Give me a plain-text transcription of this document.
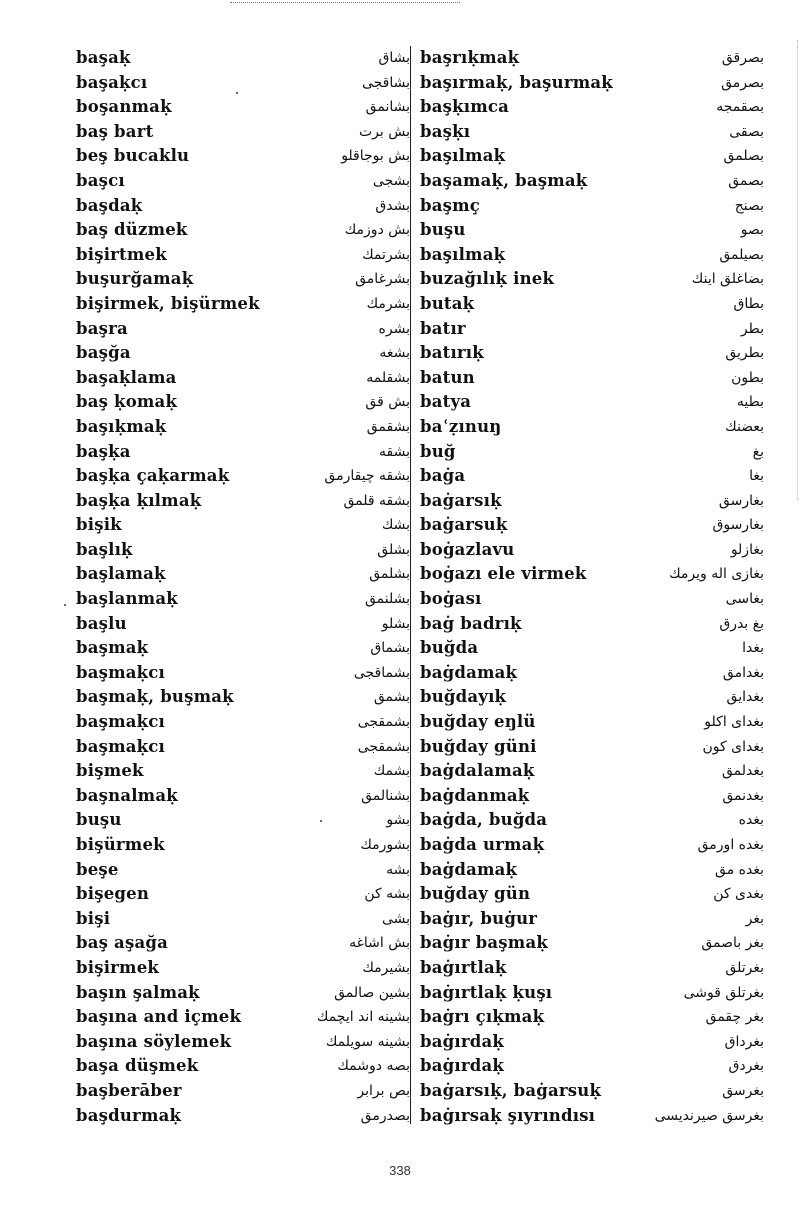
başaḳ	بشاق
başaḳcı	بشاقجی
boşanmaḳ	بشانمق
baş bart	بش برت
beş bucaklu	بش بوجاقلو
başcı	بشجی
başdaḳ	بشدق
baş düzmek	بش دوزمك
bişirtmek	بشرتمك
buşurğamaḳ	بشرغامق
bişirmek, bişürmek	بشرمك
başra	بشره
başğa	بشغه
başaḳlama	بشقلمه
baş ḳomaḳ	بش قق
başıḳmaḳ	بشقمق
başḳa	بشقه
başḳa çaḳarmaḳ	بشقه چيقارمق
başḳa ḳılmaḳ	بشقه قلمق
bişik	بشك
başlıḳ	بشلق
başlamaḳ	بشلمق
başlanmaḳ	بشلنمق
başlu	بشلو
başmaḳ	بشماق
başmaḳcı	بشماقجی
başmaḳ, buşmaḳ	بشمق
başmaḳcı	بشمقجی
başmaḳcı	بشمقجی
bişmek	بشمك
başnalmaḳ	بشنالمق
buşu	بشو
bişürmek	بشورمك
beşe	بشه
bişegen	بشه كن
bişi	بشی
baş aşağa	بش اشاغه
bişirmek	بشيرمك
başın şalmaḳ	بشين صالمق
başına and içmek	بشينه اند ايچمك
başına söylemek	بشينه سويلمك
başa düşmek	بصه دوشمك
başberāber	بص برابر
başdurmaḳ	بصدرمق
başrıḳmaḳ	بصرقق
başırmaḳ, başurmaḳ	بصرمق
başḳımca	بصقمجه
başḳı	بصقی
başılmaḳ	بصلمق
başamaḳ, başmaḳ	بصمق
başmç	بصنج
buşu	بصو
başılmaḳ	بصيلمق
buzağılıḳ inek	بضاغلق اينك
butaḳ	بطاق
batır	بطر
batırıḳ	بطريق
batun	بطون
batya	بطيه
baʿẓınuŋ	بعضنك
buğ	بغ
baġa	بغا
baġarsıḳ	بغارسق
baġarsuḳ	بغارسوق
boġazlavu	بغازلو
boġazı ele virmek	بغازی اله ويرمك
boġası	بغاسی
baġ badrıḳ	بغ بدرق
buğda	بغدا
baġdamaḳ	بغدامق
buğdayıḳ	بغدايق
buğday eŋlü	بغدای اكلو
buğday güni	بغدای كون
baġdalamaḳ	بغدلمق
baġdanmaḳ	بغدنمق
baġda, buğda	بغده
baġda urmaḳ	بغده اورمق
baġdamaḳ	بغده مق
buğday gün	بغدی كن
baġır, buġur	بغر
baġır başmaḳ	بغر باصمق
baġırtlaḳ	بغرتلق
baġırtlaḳ ḳuşı	بغرتلق قوشی
baġrı çıḳmaḳ	بغر چقمق
baġırdaḳ	بغرداق
baġırdaḳ	بغردق
baġarsıḳ, baġarsuḳ	بغرسق
baġırsaḳ şıyrındısı	بغرسق صيرندیسی
338
